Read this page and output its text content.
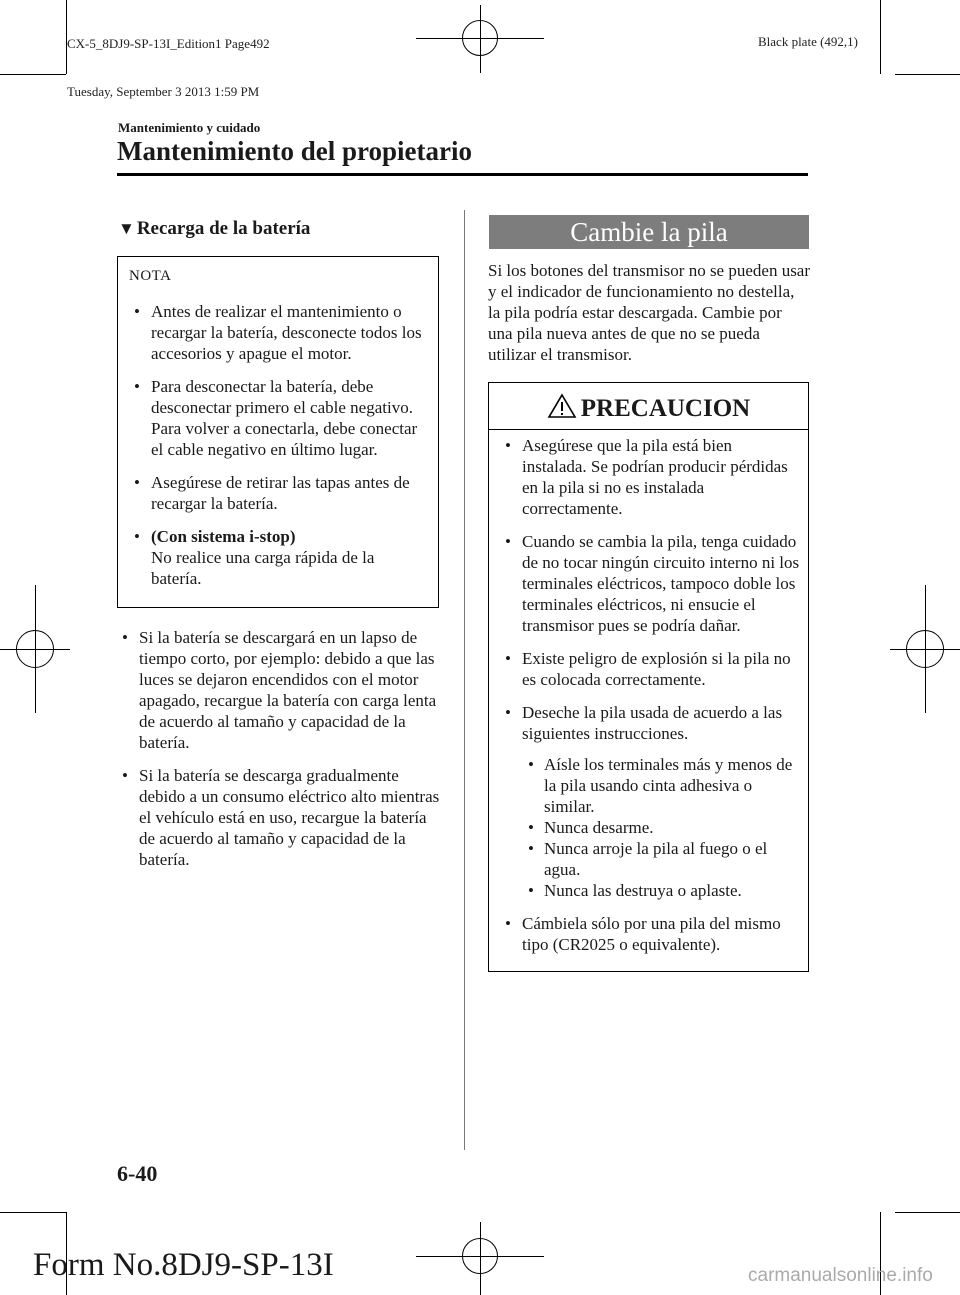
CX-5_8DJ9-SP-13I_Edition1 Page492

Tuesday, September 3 2013 1:59 PM

Black plate (492,1)
Mantenimiento y cuidado
Mantenimiento del propietario
▼ Recarga de la batería
NOTA
• Antes de realizar el mantenimiento o recargar la batería, desconecte todos los accesorios y apague el motor.
• Para desconectar la batería, debe desconectar primero el cable negativo. Para volver a conectarla, debe conectar el cable negativo en último lugar.
• Asegúrese de retirar las tapas antes de recargar la batería.
• (Con sistema i-stop)
No realice una carga rápida de la batería.
• Si la batería se descargará en un lapso de tiempo corto, por ejemplo: debido a que las luces se dejaron encendidos con el motor apagado, recargue la batería con carga lenta de acuerdo al tamaño y capacidad de la batería.
• Si la batería se descarga gradualmente debido a un consumo eléctrico alto mientras el vehículo está en uso, recargue la batería de acuerdo al tamaño y capacidad de la batería.
Cambie la pila
Si los botones del transmisor no se pueden usar y el indicador de funcionamiento no destella, la pila podría estar descargada. Cambie por una pila nueva antes de que no se pueda utilizar el transmisor.
PRECAUCION
• Asegúrese que la pila está bien instalada. Se podrían producir pérdidas en la pila si no es instalada correctamente.
• Cuando se cambia la pila, tenga cuidado de no tocar ningún circuito interno ni los terminales eléctricos, tampoco doble los terminales eléctricos, ni ensucie el transmisor pues se podría dañar.
• Existe peligro de explosión si la pila no es colocada correctamente.
• Deseche la pila usada de acuerdo a las siguientes instrucciones.
• Aísle los terminales más y menos de la pila usando cinta adhesiva o similar.
• Nunca desarme.
• Nunca arroje la pila al fuego o el agua.
• Nunca las destruya o aplaste.
• Cámbiela sólo por una pila del mismo tipo (CR2025 o equivalente).
6-40
Form No.8DJ9-SP-13I	carmanualsonline.info
